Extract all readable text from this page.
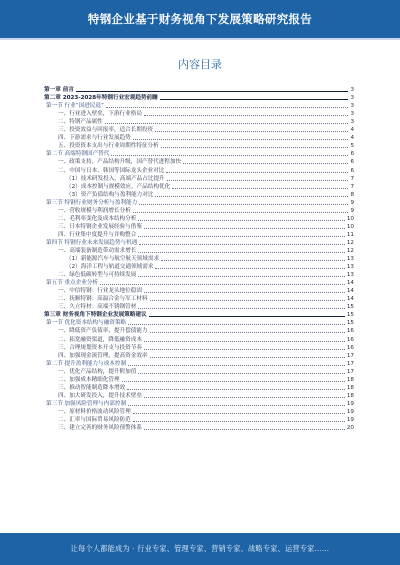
特钢企业基于财务视角下发展策略研究报告
内容目录
第一章 前言	3
第二章 2023-2028年特钢行业宏观趋势前瞻	3
第一节 行业“国进民退”	3
一、行业进入壁垒，下游行业格局	3
二、特钢产品属性	3
三、投资效益与回报率，适合长期投资	4
四、下游需求与行业发展趋势	4
五、投资资本支出与行业周期性特征分析	5
第二节 高端特钢国产替代	6
一、政策支持，产品结构升级，国产替代进程加快	6
二、中国与日本、韩国等国际龙头企业对比	6
（1）技术研发投入，高端产品占比提升	7
（2）成本控制与规模效应，产品结构优化	7
（3）资产负债结构与盈利能力对比	8
第三节 特钢行业财务分析与盈利能力	9
一、营收规模与利润增长分析	9
二、毛利率变化及成本结构分析	10
三、日本特钢企业发展经验与借鉴	10
四、行业集中度提升与并购整合	11
第四节 特钢行业未来发展趋势与机遇	12
一、高端装备制造带动需求增长	12
（1）新能源汽车与航空航天领域需求	13
（2）海洋工程与轨道交通领域需求	13
二、绿色低碳转型与可持续发展	13
第五节 重点企业分析	14
一、中信特钢：行业龙头地位稳固	14
二、抚顺特钢：高温合金与军工材料	14
三、久立特材：高端不锈钢管材	15
第三章 财务视角下特钢企业发展策略建议	15
第一节 优化资本结构与融资策略	15
一、降低资产负债率，提升偿债能力	16
二、拓宽融资渠道，降低融资成本	16
三、合理规划资本开支与投资节奏	16
四、加强现金流管理，提高资金效率	17
第二节 提升盈利能力与成本控制	17
一、优化产品结构，提升附加值	17
二、加强成本精细化管理	18
三、推动智能制造降本增效	18
四、加大研发投入，提升技术壁垒	18
第三节 加强风险管理与内部控制	19
一、原材料价格波动风险管理	19
二、汇率与国际贸易风险防范	19
三、建立完善的财务风险预警体系	20
让每个人都能成为 · 行业专家、管理专家、营销专家、战略专家、运营专家……
